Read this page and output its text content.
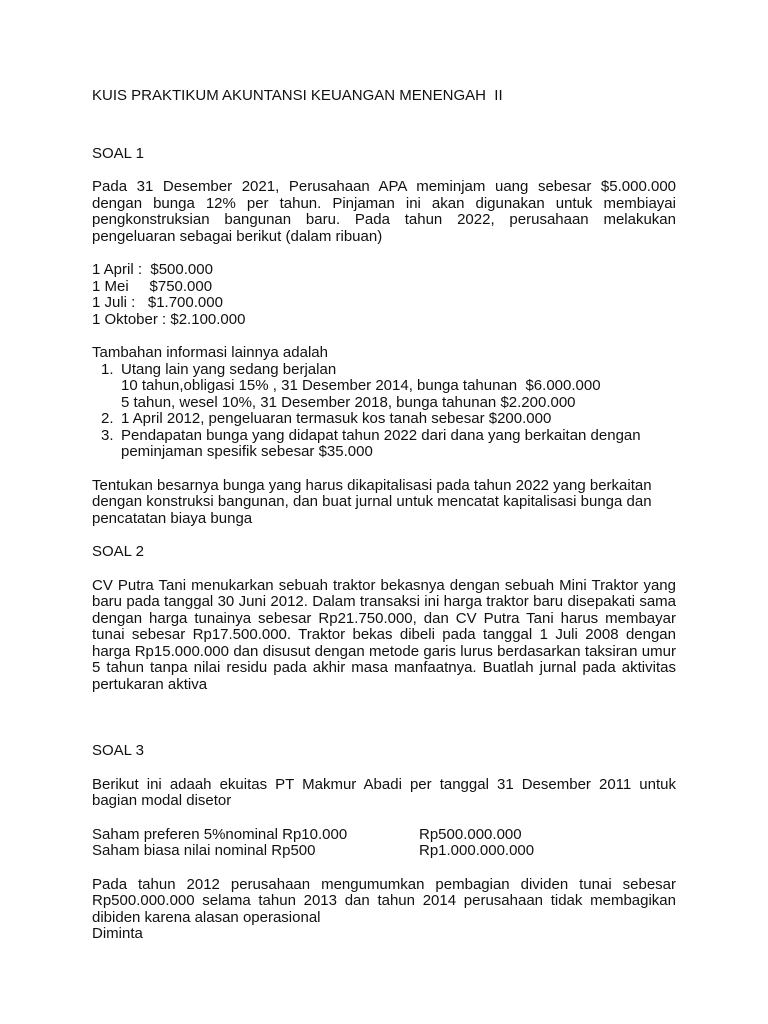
KUIS PRAKTIKUM AKUNTANSI KEUANGAN MENENGAH  II

SOAL 1

Pada 31 Desember 2021, Perusahaan APA meminjam uang sebesar $5.000.000 dengan bunga 12% per tahun. Pinjaman ini akan digunakan untuk membiayai pengkonstruksian bangunan baru. Pada tahun 2022, perusahaan melakukan pengeluaran sebagai berikut (dalam ribuan)

1 April :  $500.000

1 Mei     $750.000

1 Juli :   $1.700.000

1 Oktober : $2.100.000

Tambahan informasi lainnya adalah

1. Utang lain yang sedang berjalan
10 tahun,obligasi 15% , 31 Desember 2014, bunga tahunan  $6.000.000
5 tahun, wesel 10%, 31 Desember 2018, bunga tahunan $2.200.000
2. 1 April 2012, pengeluaran termasuk kos tanah sebesar $200.000
3. Pendapatan bunga yang didapat tahun 2022 dari dana yang berkaitan dengan
peminjaman spesifik sebesar $35.000

Tentukan besarnya bunga yang harus dikapitalisasi pada tahun 2022 yang berkaitan dengan konstruksi bangunan, dan buat jurnal untuk mencatat kapitalisasi bunga dan pencatatan biaya bunga

SOAL 2

CV Putra Tani menukarkan sebuah traktor bekasnya dengan sebuah Mini Traktor yang baru pada tanggal 30 Juni 2012. Dalam transaksi ini harga traktor baru disepakati sama dengan harga tunainya sebesar Rp21.750.000, dan CV Putra Tani harus membayar tunai sebesar Rp17.500.000. Traktor bekas dibeli pada tanggal 1 Juli 2008 dengan harga Rp15.000.000 dan disusut dengan metode garis lurus berdasarkan taksiran umur 5 tahun tanpa nilai residu pada akhir masa manfaatnya. Buatlah jurnal pada aktivitas pertukaran aktiva

SOAL 3

Berikut ini adaah ekuitas PT Makmur Abadi per tanggal 31 Desember 2011 untuk bagian modal disetor

Saham preferen 5%nominal Rp10.000	Rp500.000.000
Saham biasa nilai nominal Rp500	Rp1.000.000.000

Pada tahun 2012 perusahaan mengumumkan pembagian dividen tunai sebesar Rp500.000.000 selama tahun 2013 dan tahun 2014 perusahaan tidak membagikan dibiden karena alasan operasional

Diminta
